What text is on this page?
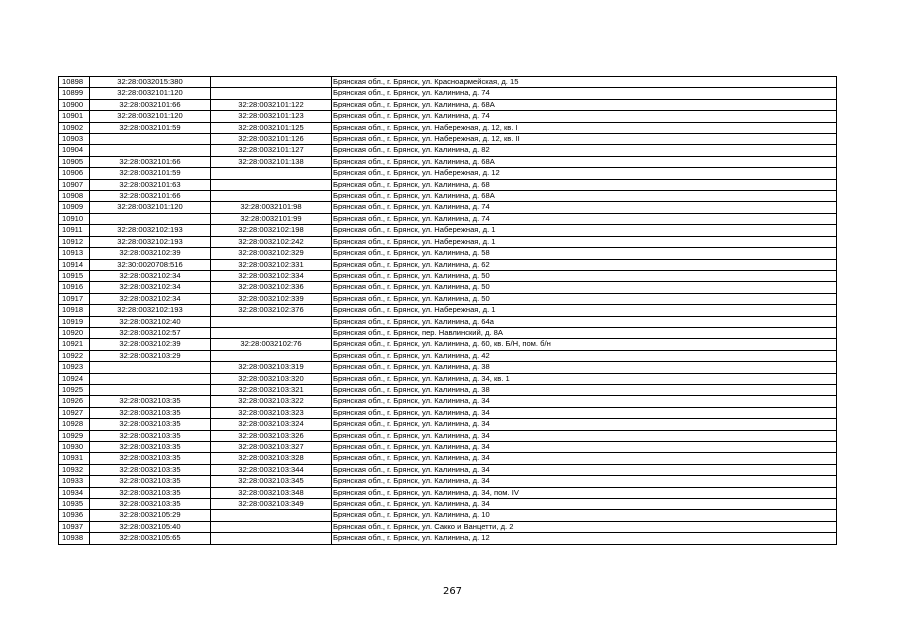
10898	32:28:0032015:380		Брянская обл., г. Брянск, ул. Красноармейская, д. 15
10899	32:28:0032101:120		Брянская обл., г. Брянск, ул. Калинина, д. 74
10900	32:28:0032101:66	32:28:0032101:122	Брянская обл., г. Брянск, ул. Калинина, д. 68А
10901	32:28:0032101:120	32:28:0032101:123	Брянская обл., г. Брянск, ул. Калинина, д. 74
10902	32:28:0032101:59	32:28:0032101:125	Брянская обл., г. Брянск, ул. Набережная, д. 12, кв. I
10903		32:28:0032101:126	Брянская обл., г. Брянск, ул. Набережная, д. 12, кв. II
10904		32:28:0032101:127	Брянская обл., г. Брянск, ул. Калинина, д. 82
10905	32:28:0032101:66	32:28:0032101:138	Брянская обл., г. Брянск, ул. Калинина, д. 68А
10906	32:28:0032101:59		Брянская обл., г. Брянск, ул. Набережная, д. 12
10907	32:28:0032101:63		Брянская обл., г. Брянск, ул. Калинина, д. 68
10908	32:28:0032101:66		Брянская обл., г. Брянск, ул. Калинина, д. 68А
10909	32:28:0032101:120	32:28:0032101:98	Брянская обл., г. Брянск, ул. Калинина, д. 74
10910		32:28:0032101:99	Брянская обл., г. Брянск, ул. Калинина, д. 74
10911	32:28:0032102:193	32:28:0032102:198	Брянская обл., г. Брянск, ул. Набережная, д. 1
10912	32:28:0032102:193	32:28:0032102:242	Брянская обл., г. Брянск, ул. Набережная, д. 1
10913	32:28:0032102:39	32:28:0032102:329	Брянская обл., г. Брянск, ул. Калинина, д. 58
10914	32:30:0020708:516	32:28:0032102:331	Брянская обл., г. Брянск, ул. Калинина, д. 62
10915	32:28:0032102:34	32:28:0032102:334	Брянская обл., г. Брянск, ул. Калинина, д. 50
10916	32:28:0032102:34	32:28:0032102:336	Брянская обл., г. Брянск, ул. Калинина, д. 50
10917	32:28:0032102:34	32:28:0032102:339	Брянская обл., г. Брянск, ул. Калинина, д. 50
10918	32:28:0032102:193	32:28:0032102:376	Брянская обл., г. Брянск, ул. Набережная, д. 1
10919	32:28:0032102:40		Брянская обл., г. Брянск, ул. Калинина, д. 64а
10920	32:28:0032102:57		Брянская обл., г. Брянск, пер. Навлинский, д. 8А
10921	32:28:0032102:39	32:28:0032102:76	Брянская обл., г. Брянск, ул. Калинина, д. 60, кв. Б/Н, пом. б/н
10922	32:28:0032103:29		Брянская обл., г. Брянск, ул. Калинина, д. 42
10923		32:28:0032103:319	Брянская обл., г. Брянск, ул. Калинина, д. 38
10924		32:28:0032103:320	Брянская обл., г. Брянск, ул. Калинина, д. 34, кв. 1
10925		32:28:0032103:321	Брянская обл., г. Брянск, ул. Калинина, д. 38
10926	32:28:0032103:35	32:28:0032103:322	Брянская обл., г. Брянск, ул. Калинина, д. 34
10927	32:28:0032103:35	32:28:0032103:323	Брянская обл., г. Брянск, ул. Калинина, д. 34
10928	32:28:0032103:35	32:28:0032103:324	Брянская обл., г. Брянск, ул. Калинина, д. 34
10929	32:28:0032103:35	32:28:0032103:326	Брянская обл., г. Брянск, ул. Калинина, д. 34
10930	32:28:0032103:35	32:28:0032103:327	Брянская обл., г. Брянск, ул. Калинина, д. 34
10931	32:28:0032103:35	32:28:0032103:328	Брянская обл., г. Брянск, ул. Калинина, д. 34
10932	32:28:0032103:35	32:28:0032103:344	Брянская обл., г. Брянск, ул. Калинина, д. 34
10933	32:28:0032103:35	32:28:0032103:345	Брянская обл., г. Брянск, ул. Калинина, д. 34
10934	32:28:0032103:35	32:28:0032103:348	Брянская обл., г. Брянск, ул. Калинина, д. 34, пом. IV
10935	32:28:0032103:35	32:28:0032103:349	Брянская обл., г. Брянск, ул. Калинина, д. 34
10936	32:28:0032105:29		Брянская обл., г. Брянск, ул. Калинина, д. 10
10937	32:28:0032105:40		Брянская обл., г. Брянск, ул. Сакко и Ванцетти, д. 2
10938	32:28:0032105:65		Брянская обл., г. Брянск, ул. Калинина, д. 12
267
